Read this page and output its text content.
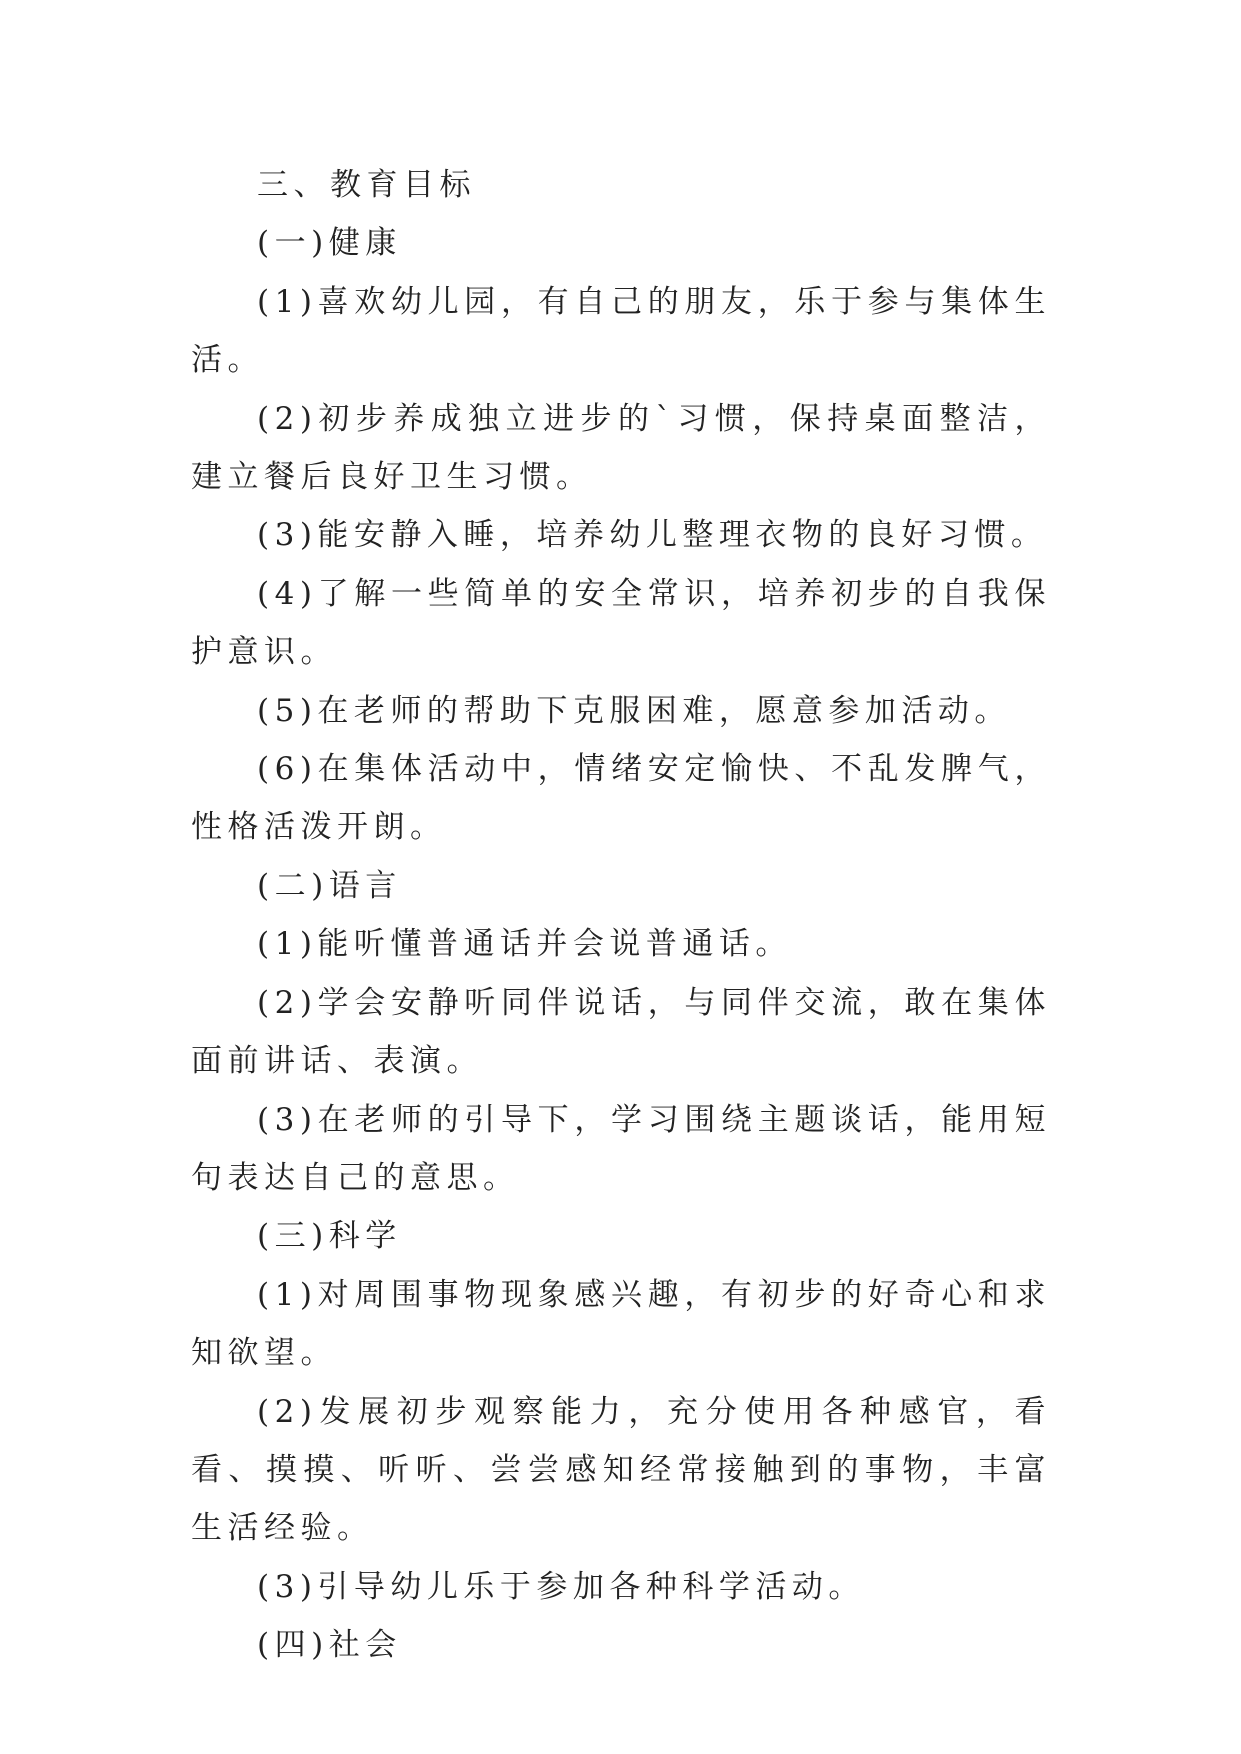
三、教育目标

(一)健康

(1)喜欢幼儿园，有自己的朋友，乐于参与集体生活。

(2)初步养成独立进步的`习惯，保持桌面整洁，建立餐后良好卫生习惯。

(3)能安静入睡，培养幼儿整理衣物的良好习惯。

(4)了解一些简单的安全常识，培养初步的自我保护意识。

(5)在老师的帮助下克服困难，愿意参加活动。

(6)在集体活动中，情绪安定愉快、不乱发脾气，性格活泼开朗。

(二)语言

(1)能听懂普通话并会说普通话。

(2)学会安静听同伴说话，与同伴交流，敢在集体面前讲话、表演。

(3)在老师的引导下，学习围绕主题谈话，能用短句表达自己的意思。

(三)科学

(1)对周围事物现象感兴趣，有初步的好奇心和求知欲望。

(2)发展初步观察能力，充分使用各种感官，看看、摸摸、听听、尝尝感知经常接触到的事物，丰富生活经验。

(3)引导幼儿乐于参加各种科学活动。

(四)社会
